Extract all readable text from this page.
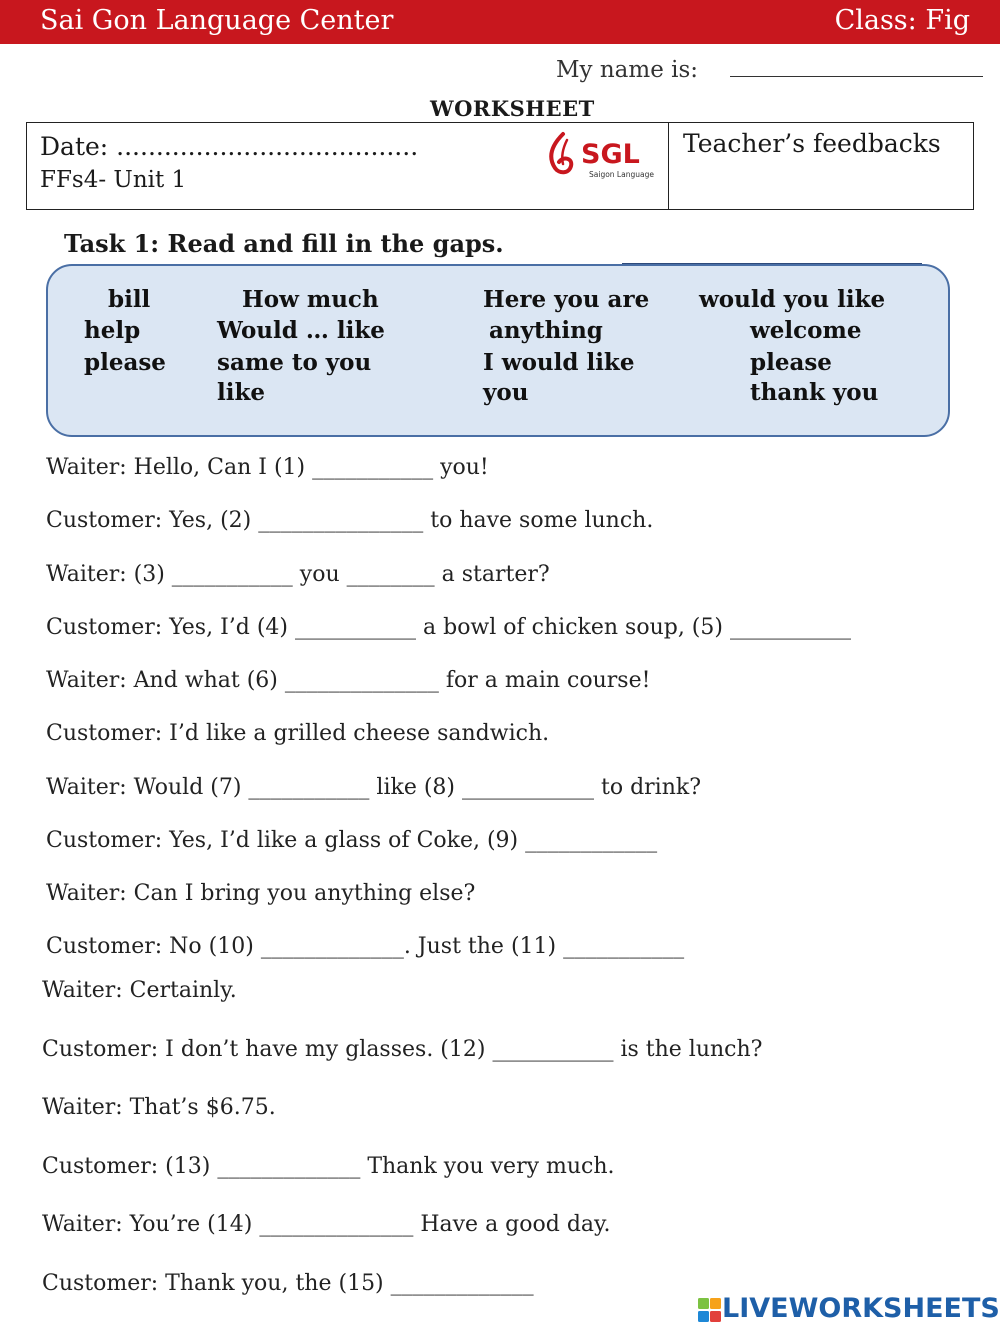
Sai Gon Language Center	Class: Fig
My name is:
WORKSHEET
Date: ......................................
FFs4- Unit 1
Teacher’s feedbacks
SGL
Saigon Language
Task 1: Read and fill in the gaps.
bill
help
please
How much
Would … like
same to you
like
Here you are
anything
I would like
you
would you like
welcome
please
thank you
Waiter: Hello, Can I (1) ___________ you!
Customer: Yes, (2) _______________ to have some lunch.
Waiter: (3) ___________ you ________ a starter?
Customer: Yes, I’d (4) ___________ a bowl of chicken soup, (5) ___________
Waiter: And what (6) ______________ for a main course!
Customer: I’d like a grilled cheese sandwich.
Waiter: Would (7) ___________ like (8) ____________ to drink?
Customer: Yes, I’d like a glass of Coke, (9) ____________
Waiter: Can I bring you anything else?
Customer: No (10) _____________. Just the (11) ___________
Waiter: Certainly.
Customer: I don’t have my glasses. (12) ___________ is the lunch?
Waiter: That’s $6.75.
Customer: (13) _____________ Thank you very much.
Waiter: You’re (14) ______________ Have a good day.
Customer: Thank you, the (15) _____________
LIVEWORKSHEETS
